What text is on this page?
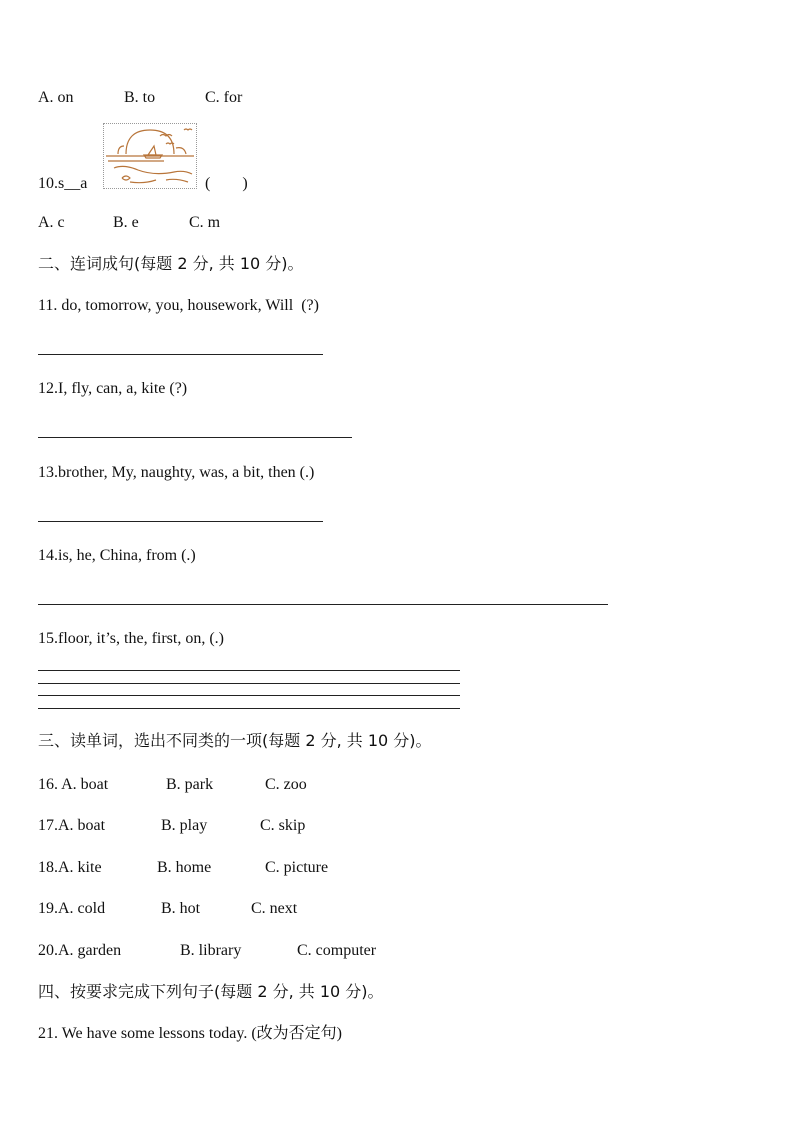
A. on	B. to	C. for
10.s__a	(　　)
A. c	B. e	C. m
二、连词成句(每题 2 分, 共 10 分)。
11. do, tomorrow, you, housework, Will  (?)
12.I, fly, can, a, kite (?)
13.brother, My, naughty, was, a bit, then (.)
14.is, he, China, from (.)
15.floor, it’s, the, first, on, (.)
三、读单词，选出不同类的一项(每题 2 分, 共 10 分)。
16. A. boat	B. park	C. zoo
17.A. boat	B. play	C. skip
18.A. kite	B. home	C. picture
19.A. cold	B. hot	C. next
20.A. garden	B. library	C. computer
四、按要求完成下列句子(每题 2 分, 共 10 分)。
21. We have some lessons today. (改为否定句)
